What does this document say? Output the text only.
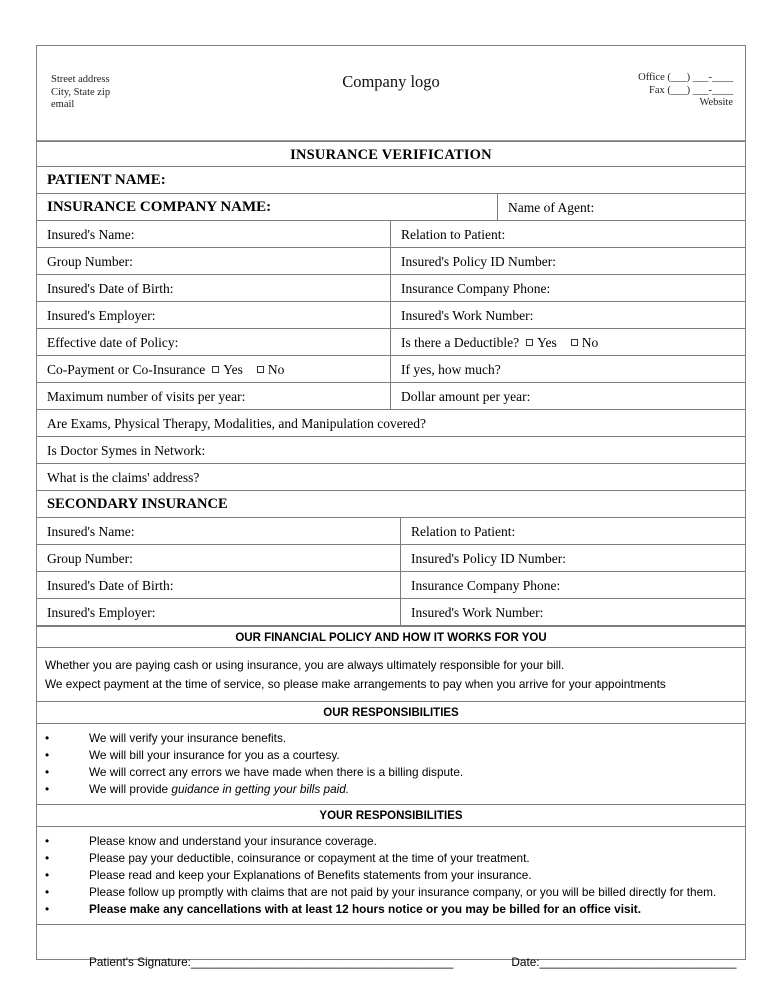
Street address
City, State zip
email
Company logo	Office (___) ___-____
Fax (___) ___-____
Website
INSURANCE VERIFICATION
PATIENT NAME:
INSURANCE COMPANY NAME:	Name of Agent:
Insured's Name:	Relation to Patient:
Group Number:	Insured's Policy ID Number:
Insured's Date of Birth:	Insurance Company Phone:
Insured's Employer:	Insured's Work Number:
Effective date of Policy:	Is there a Deductible? Yes No
Co-Payment or Co-Insurance Yes No	If yes, how much?
Maximum number of visits per year:	Dollar amount per year:
Are Exams, Physical Therapy, Modalities, and Manipulation covered?
Is Doctor Symes in Network:
What is the claims' address?
SECONDARY INSURANCE
Insured's Name:	Relation to Patient:
Group Number:	Insured's Policy ID Number:
Insured's Date of Birth:	Insurance Company Phone:
Insured's Employer:	Insured's Work Number:
OUR FINANCIAL POLICY AND HOW IT WORKS FOR YOU

Whether you are paying cash or using insurance, you are always ultimately responsible for your bill.

We expect payment at the time of service, so please make arrangements to pay when you arrive for your appointments

OUR RESPONSIBILITIES
•	We will verify your insurance benefits.
•	We will bill your insurance for you as a courtesy.
•	We will correct any errors we have made when there is a billing dispute.
•	We will provide guidance in getting your bills paid.
YOUR RESPONSIBILITIES
•	Please know and understand your insurance coverage.
•	Please pay your deductible, coinsurance or copayment at the time of your treatment.
•	Please read and keep your Explanations of Benefits statements from your insurance.
•	Please follow up promptly with claims that are not paid by your insurance company, or you will be billed directly for them.
•	Please make any cancellations with at least 12 hours notice or you may be billed for an office visit.
Patient's Signature:________________________________________	Date:______________________________
